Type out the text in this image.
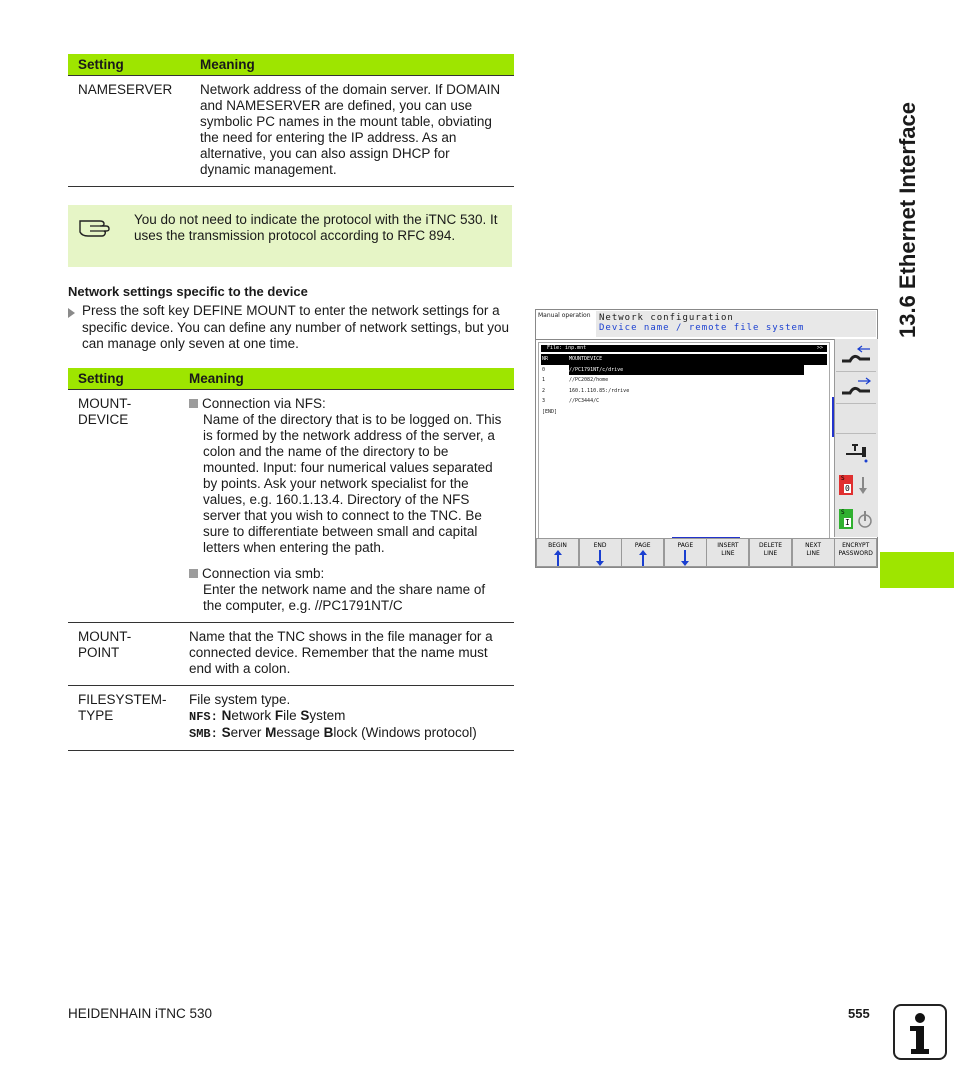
Setting	Meaning
NAMESERVER	Network address of the domain server. If DOMAIN and NAMESERVER are defined, you can use symbolic PC names in the mount table, obviating the need for entering the IP address. As an alternative, you can also assign DHCP for dynamic management.
You do not need to indicate the protocol with the iTNC 530. It uses the transmission protocol according to RFC 894.
Network settings specific to the device
Press the soft key DEFINE MOUNT to enter the network settings for a specific device. You can define any number of network settings, but you can manage only seven at one time.
Setting	Meaning
MOUNT-DEVICE	Connection via NFS:
Name of the directory that is to be logged on. This is formed by the network address of the server, a colon and the name of the directory to be mounted. Input: four numerical values separated by points. Ask your network specialist for the values, e.g. 160.1.13.4. Directory of the NFS server that you wish to connect to the TNC. Be sure to differentiate between small and capital letters when entering the path.
Connection via smb:
Enter the network name and the share name of the computer, e.g. //PC1791NT/C

MOUNT-POINT	Name that the TNC shows in the file manager for a connected device. Remember that the name must end with a colon.
FILESYSTEM-TYPE	File system type.
NFS: Network File System
SMB: Server Message Block (Windows protocol)
Manual operation Network configuration
Device name / remote file system
File: inp.mnt	>>
NR	MOUNTDEVICE
0	//PC1791NT/c/drive
1	//PC2082/home
2	160.1.110.85:/rdrive
3	//PC3444/C
[END]
S
0
S
I
BEGIN	END	PAGE	PAGE	INSERT LINE
DELETE LINE
NEXT LINE
ENCRYPT PASSWORD
13.6 Ethernet Interface
HEIDENHAIN iTNC 530	555
